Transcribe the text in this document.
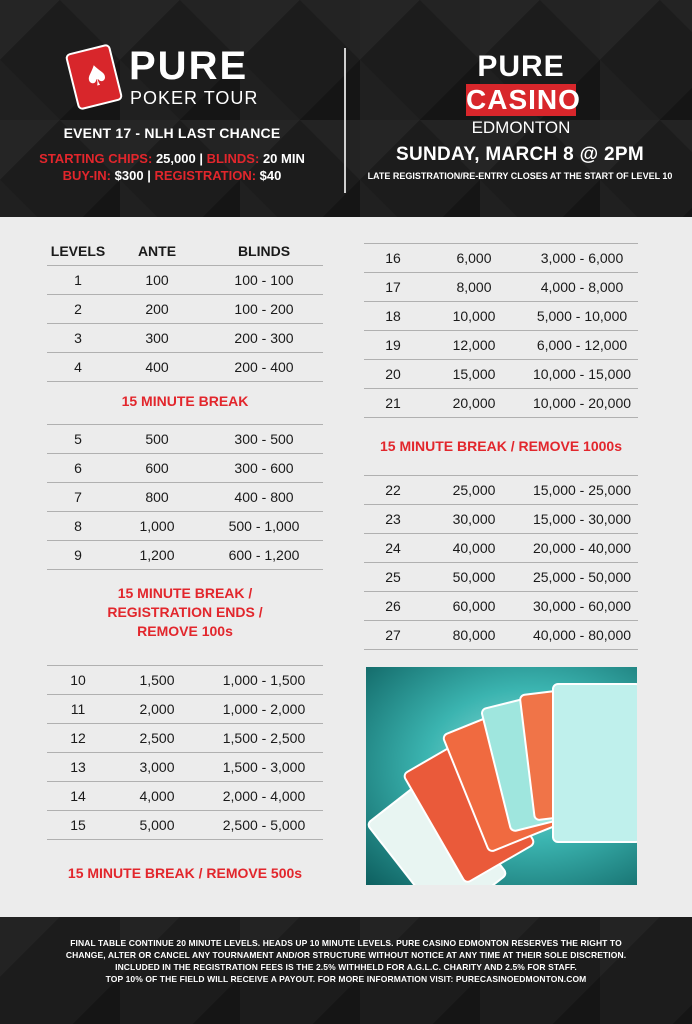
♠ PURE
POKER TOUR
EVENT 17 - NLH LAST CHANCE
STARTING CHIPS: 25,000 | BLINDS: 20 MIN
BUY-IN: $300 | REGISTRATION: $40
PURE
CASINO
EDMONTON
SUNDAY, MARCH 8 @ 2PM
LATE REGISTRATION/RE-ENTRY CLOSES AT THE START OF LEVEL 10
LEVELS	ANTE	BLINDS
1	100	100 - 100
2	200	100 - 200
3	300	200 - 300
4	400	200 - 400
15 MINUTE BREAK
5	500	300 - 500
6	600	300 - 600
7	800	400 - 800
8	1,000	500 - 1,000
9	1,200	600 - 1,200
15 MINUTE BREAK /
REGISTRATION ENDS /
REMOVE 100s
10	1,500	1,000 - 1,500
11	2,000	1,000 - 2,000
12	2,500	1,500 - 2,500
13	3,000	1,500 - 3,000
14	4,000	2,000 - 4,000
15	5,000	2,500 - 5,000
15 MINUTE BREAK / REMOVE 500s
16	6,000	3,000 - 6,000
17	8,000	4,000 - 8,000
18	10,000	5,000 - 10,000
19	12,000	6,000 - 12,000
20	15,000	10,000 - 15,000
21	20,000	10,000 - 20,000
15 MINUTE BREAK / REMOVE 1000s
22	25,000	15,000 - 25,000
23	30,000	15,000 - 30,000
24	40,000	20,000 - 40,000
25	50,000	25,000 - 50,000
26	60,000	30,000 - 60,000
27	80,000	40,000 - 80,000
FINAL TABLE CONTINUE 20 MINUTE LEVELS. HEADS UP 10 MINUTE LEVELS. PURE CASINO EDMONTON RESERVES THE RIGHT TO
CHANGE, ALTER OR CANCEL ANY TOURNAMENT AND/OR STRUCTURE WITHOUT NOTICE AT ANY TIME AT THEIR SOLE DISCRETION.
INCLUDED IN THE REGISTRATION FEES IS THE 2.5% WITHHELD FOR A.G.L.C. CHARITY AND 2.5% FOR STAFF.
TOP 10% OF THE FIELD WILL RECEIVE A PAYOUT. FOR MORE INFORMATION VISIT: PURECASINOEDMONTON.COM
